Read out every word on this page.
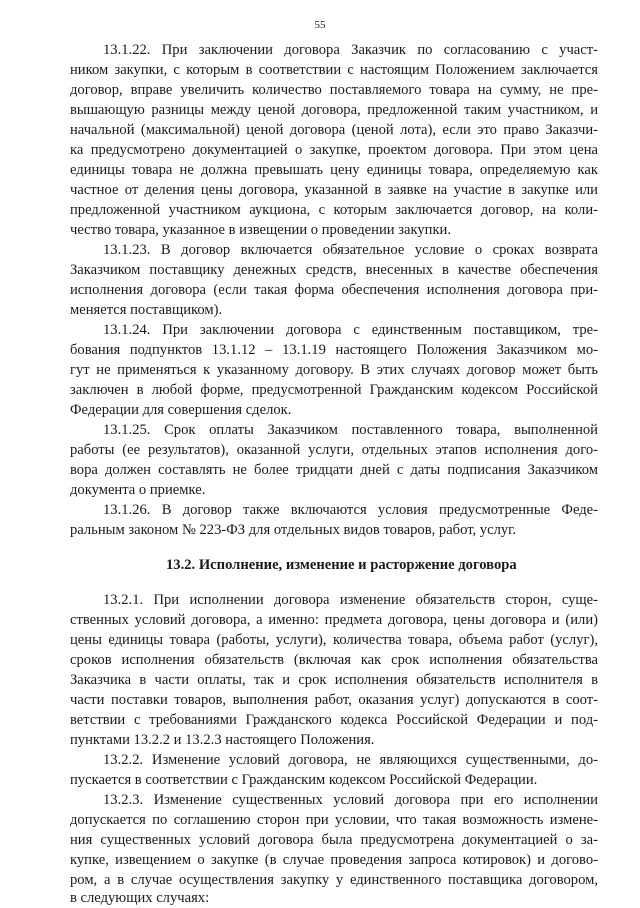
55
13.1.22. При заключении договора Заказчик по согласованию с участ-
ником закупки, с которым в соответствии с настоящим Положением заключается
договор, вправе увеличить количество поставляемого товара на сумму, не пре-
вышающую разницы между ценой договора, предложенной таким участником, и
начальной (максимальной) ценой договора (ценой лота), если это право Заказчи-
ка предусмотрено документацией о закупке, проектом договора. При этом цена
единицы товара не должна превышать цену единицы товара, определяемую как
частное от деления цены договора, указанной в заявке на участие в закупке или
предложенной участником аукциона, с которым заключается договор, на коли-
чество товара, указанное в извещении о проведении закупки.
13.1.23. В договор включается обязательное условие о сроках возврата
Заказчиком поставщику денежных средств, внесенных в качестве обеспечения
исполнения договора (если такая форма обеспечения исполнения договора при-
меняется поставщиком).
13.1.24. При заключении договора с единственным поставщиком, тре-
бования подпунктов 13.1.12 – 13.1.19 настоящего Положения Заказчиком мо-
гут не применяться к указанному договору. В этих случаях договор может быть
заключен в любой форме, предусмотренной Гражданским кодексом Российской
Федерации для совершения сделок.
13.1.25. Срок оплаты Заказчиком поставленного товара, выполненной
работы (ее результатов), оказанной услуги, отдельных этапов исполнения дого-
вора должен составлять не более тридцати дней с даты подписания Заказчиком
документа о приемке.
13.1.26. В договор также включаются условия предусмотренные Феде-
ральным законом № 223-ФЗ для отдельных видов товаров, работ, услуг.
13.2. Исполнение, изменение и расторжение договора
13.2.1. При исполнении договора изменение обязательств сторон, суще-
ственных условий договора, а именно: предмета договора, цены договора и (или)
цены единицы товара (работы, услуги), количества товара, объема работ (услуг),
сроков исполнения обязательств (включая как срок исполнения обязательства
Заказчика в части оплаты, так и срок исполнения обязательств исполнителя в
части поставки товаров, выполнения работ, оказания услуг) допускаются в соот-
ветствии с требованиями Гражданского кодекса Российской Федерации и под-
пунктами 13.2.2 и 13.2.3 настоящего Положения.
13.2.2. Изменение условий договора, не являющихся существенными, до-
пускается в соответствии с Гражданским кодексом Российской Федерации.
13.2.3. Изменение существенных условий договора при его исполнении
допускается по соглашению сторон при условии, что такая возможность измене-
ния существенных условий договора была предусмотрена документацией о за-
купке, извещением о закупке (в случае проведения запроса котировок) и догово-
ром, а в случае осуществления закупку у единственного поставщика договором,
в следующих случаях:
